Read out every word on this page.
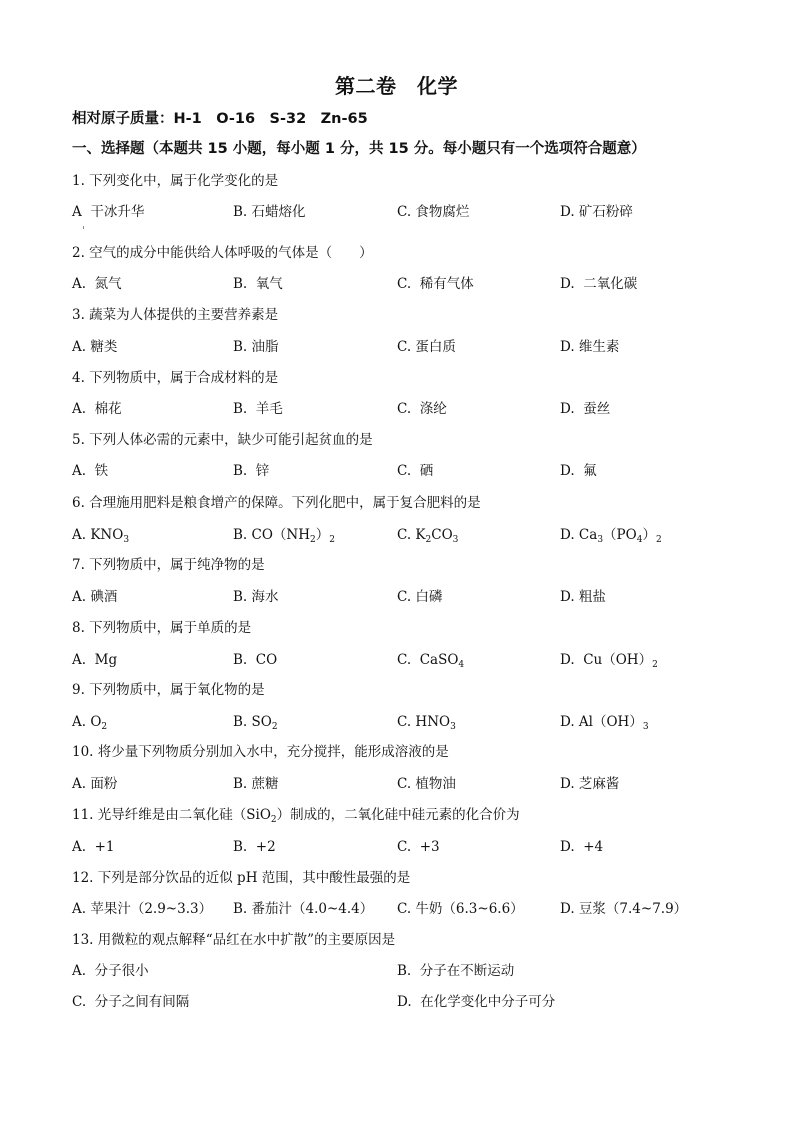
第二卷　化学
相对原子质量：H-1　O-16　S-32　Zn-65
一、选择题（本题共 15 小题，每小题 1 分，共 15 分。每小题只有一个选项符合题意）
1. 下列变化中，属于化学变化的是
A  干冰升华	B. 石蜡熔化	C. 食物腐烂	D. 矿石粉碎
2. 空气的成分中能供给人体呼吸的气体是（　　）
A.  氮气	B.  氧气	C.  稀有气体	D.  二氧化碳
3. 蔬菜为人体提供的主要营养素是
A. 糖类	B. 油脂	C. 蛋白质	D. 维生素
4. 下列物质中，属于合成材料的是
A.  棉花	B.  羊毛	C.  涤纶	D.  蚕丝
5. 下列人体必需的元素中，缺少可能引起贫血的是
A.  铁	B.  锌	C.  硒	D.  氟
6. 合理施用肥料是粮食增产的保障。下列化肥中，属于复合肥料的是
A. $KNO_3$	B. $CO(NH_2)_2$	C. $K_2CO_3$	D. $Ca_3(PO_4)_2$
7. 下列物质中，属于纯净物的是
A. 碘酒	B. 海水	C. 白磷	D. 粗盐
8. 下列物质中，属于单质的是
A.  Mg	B.  CO	C.  CaSO$_4$	D.  $Cu(OH)_2$
9. 下列物质中，属于氧化物的是
A. $O_2$	B. $SO_2$	C. $HNO_3$	D. $Al(OH)_3$
10. 将少量下列物质分别加入水中，充分搅拌，能形成溶液的是
A. 面粉	B. 蔗糖	C. 植物油	D. 芝麻酱
11. 光导纤维是由二氧化硅（SiO$_2$）制成的，二氧化硅中硅元素的化合价为
A.  +1	B.  +2	C.  +3	D.  +4
12. 下列是部分饮品的近似 pH 范围，其中酸性最强的是
A. 苹果汁（2.9~3.3） B. 番茄汁（4.0~4.4） C. 牛奶（6.3~6.6）	D. 豆浆（7.4~7.9）
13. 用微粒的观点解释“品红在水中扩散”的主要原因是
A.  分子很小	B.  分子在不断运动
C.  分子之间有间隔	D.  在化学变化中分子可分
